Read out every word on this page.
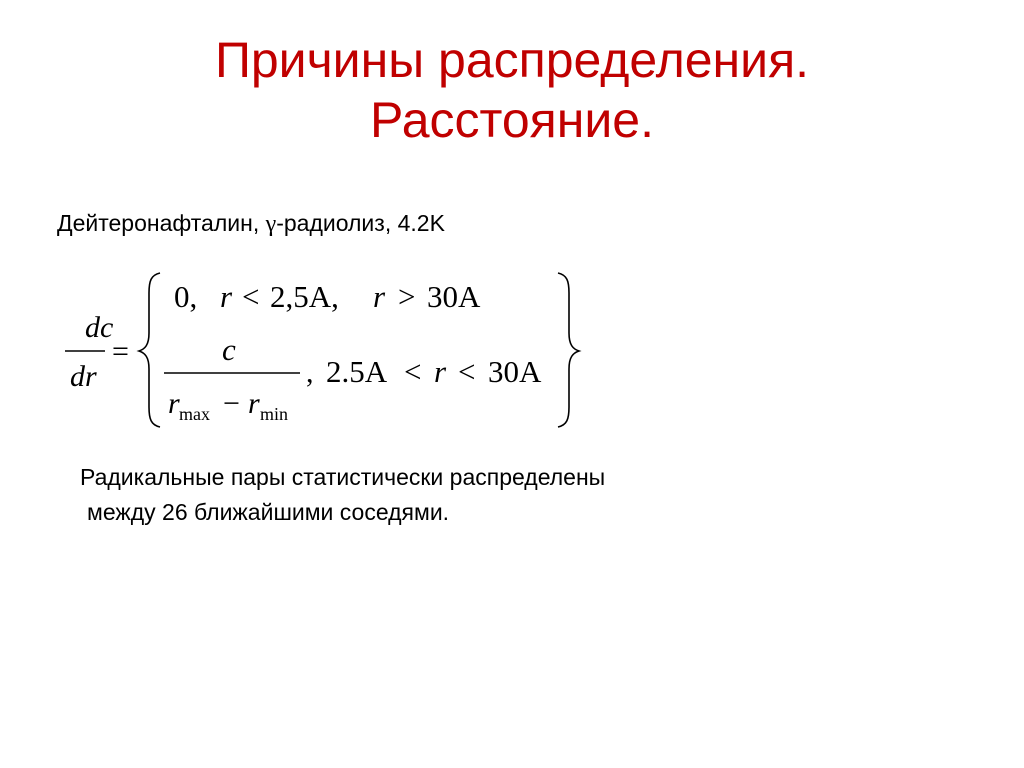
Причины распределения.
Расстояние.
Дейтеронафталин, γ-радиолиз, 4.2K
dc
dr
=
0, r < 2,5A, r > 30A
c
r max − r min
, 2.5A < r < 30A
Радикальные пары статистически распределены
между 26 ближайшими соседями.
